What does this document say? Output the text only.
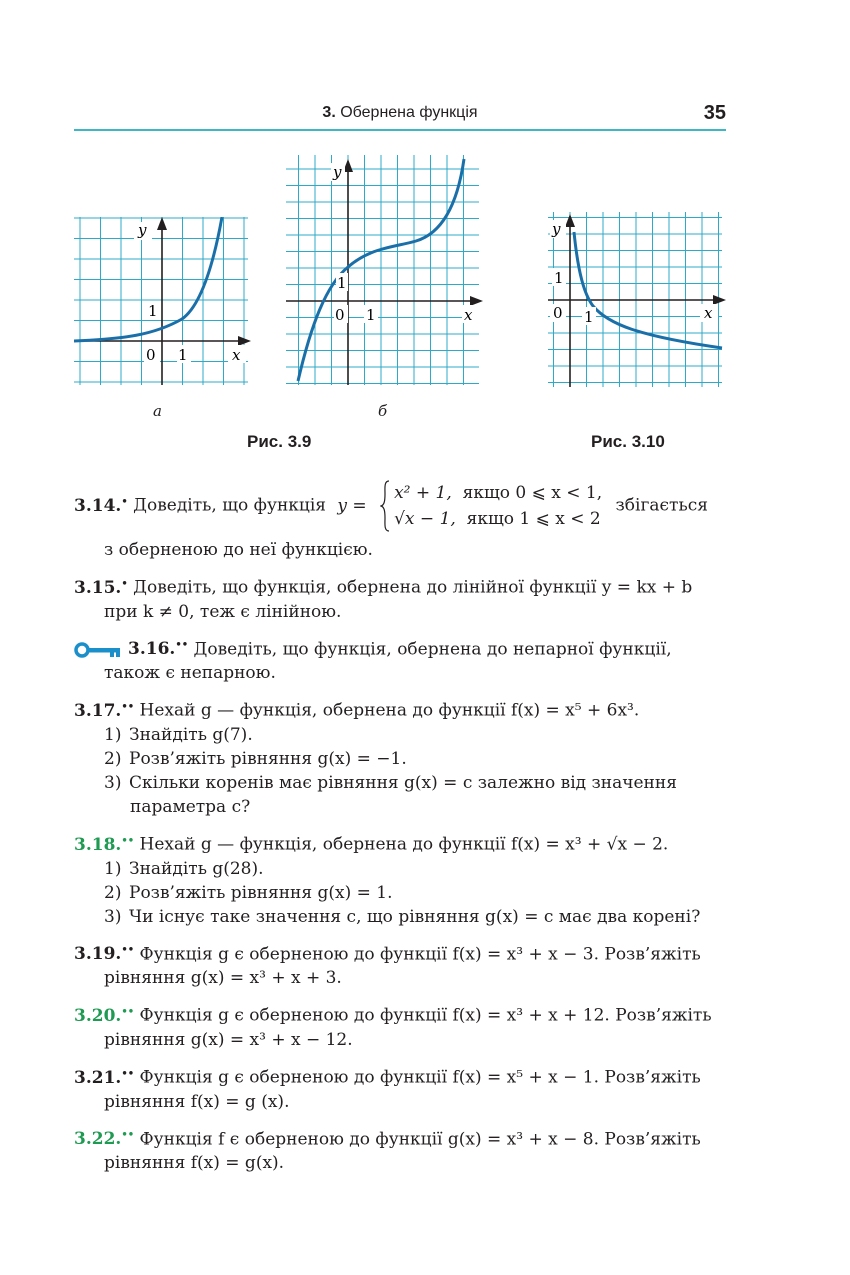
3. Обернена функція	35
y
x
0 1
1
а
y
x
0 1
1
б
Рис. 3.9
y
x
0 1
1
Рис. 3.10
3.14.• Доведіть, що функція y =
x² + 1, якщо 0 ⩽ x < 1,
√x − 1, якщо 1 ⩽ x < 2
збігається
з оберненою до неї функцією.
3.15.• Доведіть, що функція, обернена до лінійної функції y = kx + b
при k ≠ 0, теж є лінійною.
3.16.•• Доведіть, що функція, обернена до непарної функції,
також є непарною.
3.17.•• Нехай g — функція, обернена до функції f(x) = x⁵ + 6x³.
1) Знайдіть g(7).
2) Розв’яжіть рівняння g(x) = −1.
3) Скільки коренів має рівняння g(x) = c залежно від значення
параметра c?
3.18.•• Нехай g — функція, обернена до функції f(x) = x³ + √x − 2.
1) Знайдіть g(28).
2) Розв’яжіть рівняння g(x) = 1.
3) Чи існує таке значення c, що рівняння g(x) = c має два корені?
3.19.•• Функція g є оберненою до функції f(x) = x³ + x − 3. Розв’яжіть
рівняння g(x) = x³ + x + 3.
3.20.•• Функція g є оберненою до функції f(x) = x³ + x + 12. Розв’яжіть
рівняння g(x) = x³ + x − 12.
3.21.•• Функція g є оберненою до функції f(x) = x⁵ + x − 1. Розв’яжіть
рівняння f(x) = g (x).
3.22.•• Функція f є оберненою до функції g(x) = x³ + x − 8. Розв’яжіть
рівняння f(x) = g(x).
